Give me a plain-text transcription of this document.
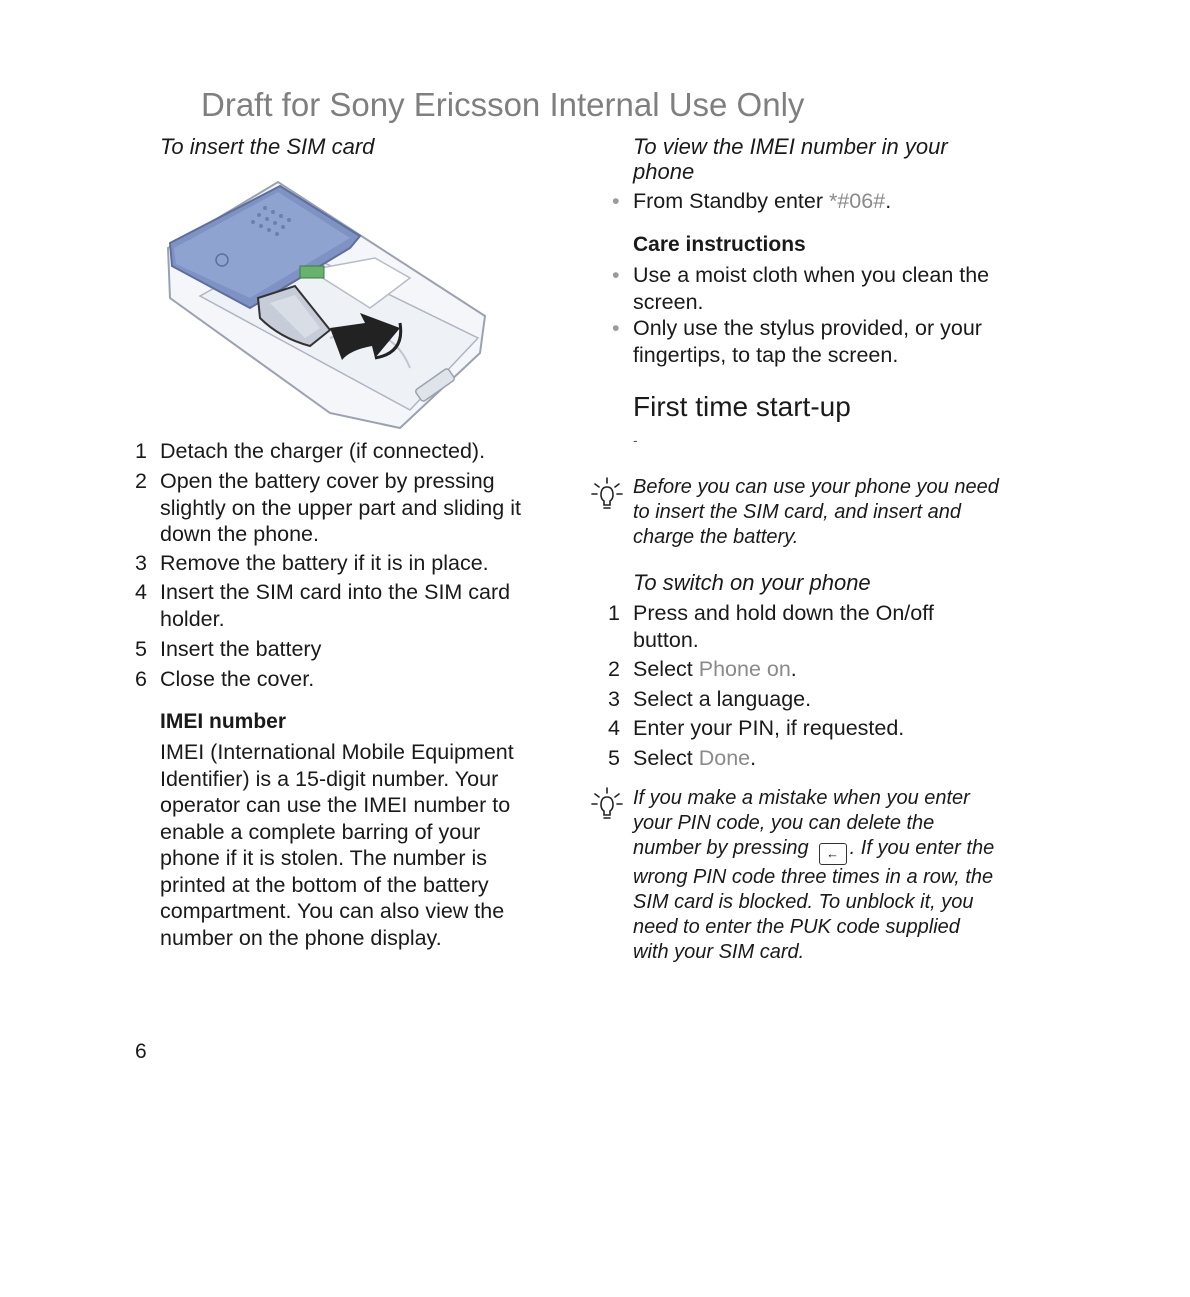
Draft for Sony Ericsson Internal Use Only
To insert the SIM card
1 Detach the charger (if connected).
2 Open the battery cover by pressing
slightly on the upper part and sliding it
down the phone.
3 Remove the battery if it is in place.
4 Insert the SIM card into the SIM card
holder.
5 Insert the battery
6 Close the cover.
IMEI number
IMEI (International Mobile Equipment
Identifier) is a 15-digit number. Your
operator can use the IMEI number to
enable a complete barring of your
phone if it is stolen. The number is
printed at the bottom of the battery
compartment. You can also view the
number on the phone display.
To view the IMEI number in your
phone
• From Standby enter *#06#.
Care instructions
• Use a moist cloth when you clean the
screen.
• Only use the stylus provided, or your
fingertips, to tap the screen.
First time start-up
-
Before you can use your phone you need
to insert the SIM card, and insert and
charge the battery.
To switch on your phone
1 Press and hold down the On/off
button.
2 Select Phone on.
3 Select a language.
4 Enter your PIN, if requested.
5 Select Done.
If you make a mistake when you enter
your PIN code, you can delete the
number by pressing ← . If you enter the
wrong PIN code three times in a row, the
SIM card is blocked. To unblock it, you
need to enter the PUK code supplied
with your SIM card.
6
